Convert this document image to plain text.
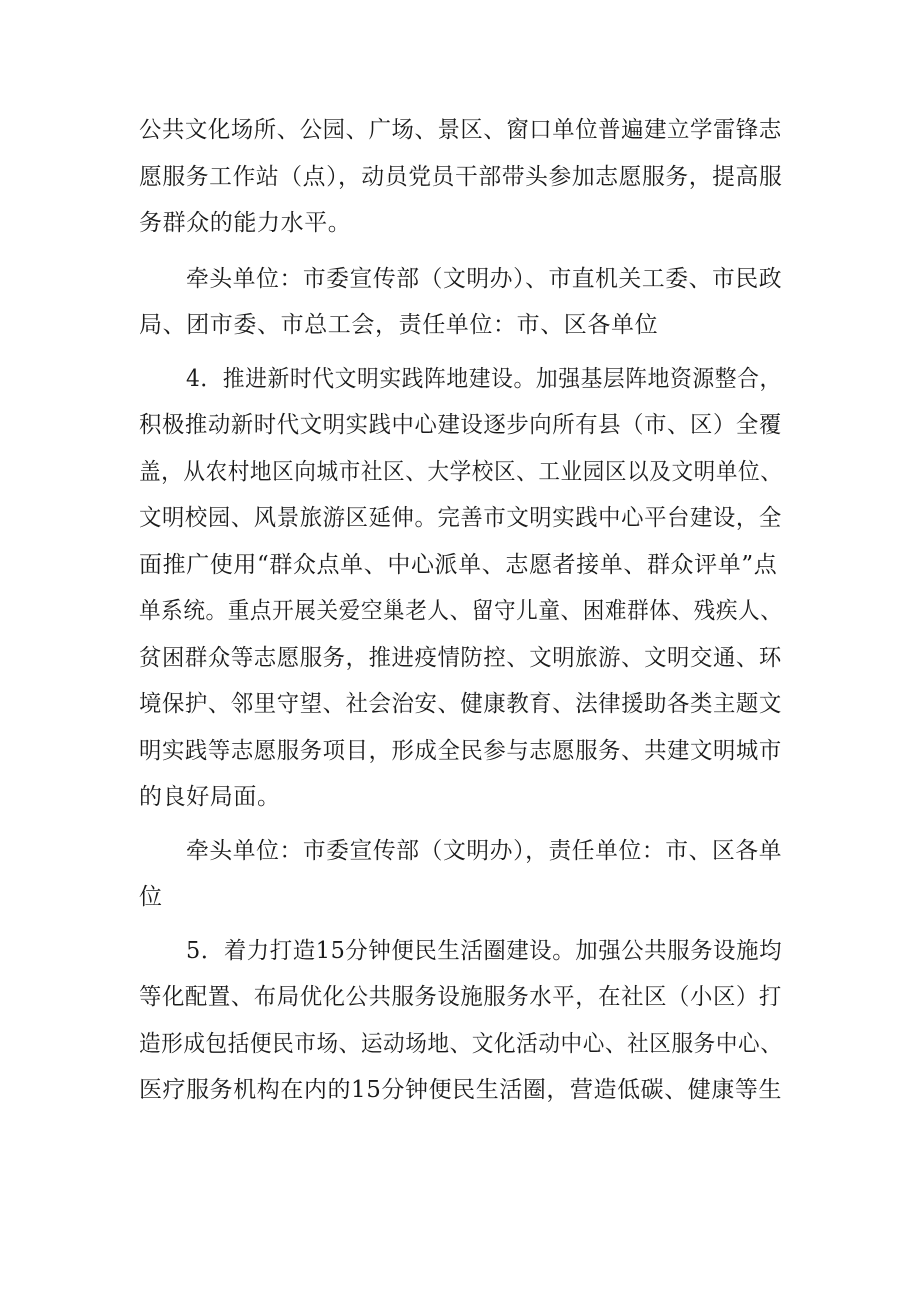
公共文化场所、公园、广场、景区、窗口单位普遍建立学雷锋志
愿服务工作站（点），动员党员干部带头参加志愿服务，提高服
务群众的能力水平。
牵头单位：市委宣传部（文明办）、市直机关工委、市民政
局、团市委、市总工会，责任单位：市、区各单位
4．推进新时代文明实践阵地建设。加强基层阵地资源整合，
积极推动新时代文明实践中心建设逐步向所有县（市、区）全覆
盖，从农村地区向城市社区、大学校区、工业园区以及文明单位、
文明校园、风景旅游区延伸。完善市文明实践中心平台建设，全
面推广使用“群众点单、中心派单、志愿者接单、群众评单”点
单系统。重点开展关爱空巢老人、留守儿童、困难群体、残疾人、
贫困群众等志愿服务，推进疫情防控、文明旅游、文明交通、环
境保护、邻里守望、社会治安、健康教育、法律援助各类主题文
明实践等志愿服务项目，形成全民参与志愿服务、共建文明城市
的良好局面。
牵头单位：市委宣传部（文明办），责任单位：市、区各单
位
5．着力打造15分钟便民生活圈建设。加强公共服务设施均
等化配置、布局优化公共服务设施服务水平，在社区（小区）打
造形成包括便民市场、运动场地、文化活动中心、社区服务中心、
医疗服务机构在内的15分钟便民生活圈，营造低碳、健康等生
